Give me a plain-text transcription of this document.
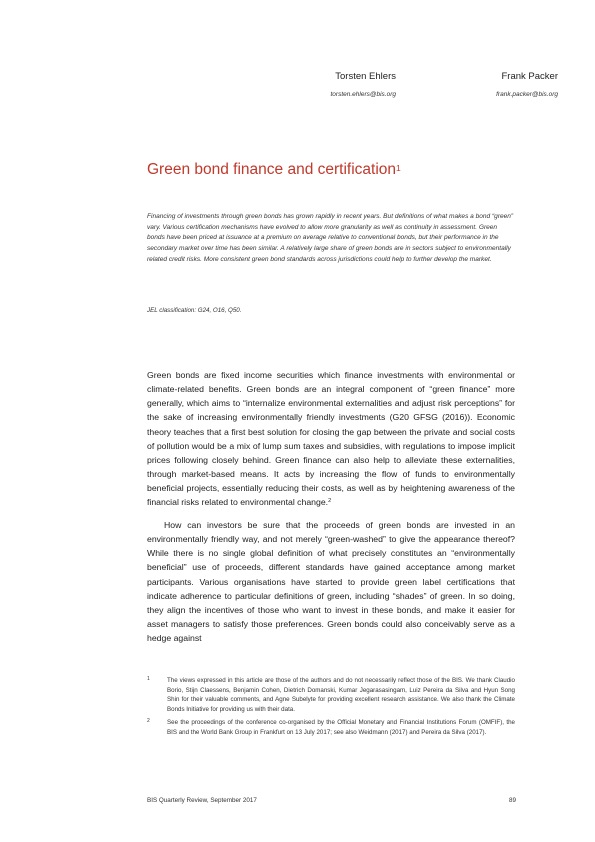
Torsten Ehlers
torsten.ehlers@bis.org
Frank Packer
frank.packer@bis.org
Green bond finance and certification$^1$

Financing of investments through green bonds has grown rapidly in recent years. But definitions of what makes a bond “green” vary. Various certification mechanisms have evolved to allow more granularity as well as continuity in assessment. Green bonds have been priced at issuance at a premium on average relative to conventional bonds, but their performance in the secondary market over time has been similar. A relatively large share of green bonds are in sectors subject to environmentally related credit risks. More consistent green bond standards across jurisdictions could help to further develop the market.

JEL classification: G24, O16, Q50.

Green bonds are fixed income securities which finance investments with environmental or climate-related benefits. Green bonds are an integral component of “green finance” more generally, which aims to “internalize environmental externalities and adjust risk perceptions” for the sake of increasing environmentally friendly investments (G20 GFSG (2016)). Economic theory teaches that a first best solution for closing the gap between the private and social costs of pollution would be a mix of lump sum taxes and subsidies, with regulations to impose implicit prices following closely behind. Green finance can also help to alleviate these externalities, through market-based means. It acts by increasing the flow of funds to environmentally beneficial projects, essentially reducing their costs, as well as by heightening awareness of the financial risks related to environmental change.$^2$

How can investors be sure that the proceeds of green bonds are invested in an environmentally friendly way, and not merely “green-washed” to give the appearance thereof? While there is no single global definition of what precisely constitutes an “environmentally beneficial” use of proceeds, different standards have gained acceptance among market participants. Various organisations have started to provide green label certifications that indicate adherence to particular definitions of green, including “shades” of green. In so doing, they align the incentives of those who want to invest in these bonds, and make it easier for asset managers to satisfy those preferences. Green bonds could also conceivably serve as a hedge against

1	The views expressed in this article are those of the authors and do not necessarily reflect those of the BIS. We thank Claudio Borio, Stijn Claessens, Benjamin Cohen, Dietrich Domanski, Kumar Jegarasasingam, Luiz Pereira da Silva and Hyun Song Shin for their valuable comments, and Agne Subelyte for providing excellent research assistance. We also thank the Climate Bonds Initiative for providing us with their data.
2	See the proceedings of the conference co-organised by the Official Monetary and Financial Institutions Forum (OMFIF), the BIS and the World Bank Group in Frankfurt on 13 July 2017; see also Weidmann (2017) and Pereira da Silva (2017).
BIS Quarterly Review, September 2017	89
